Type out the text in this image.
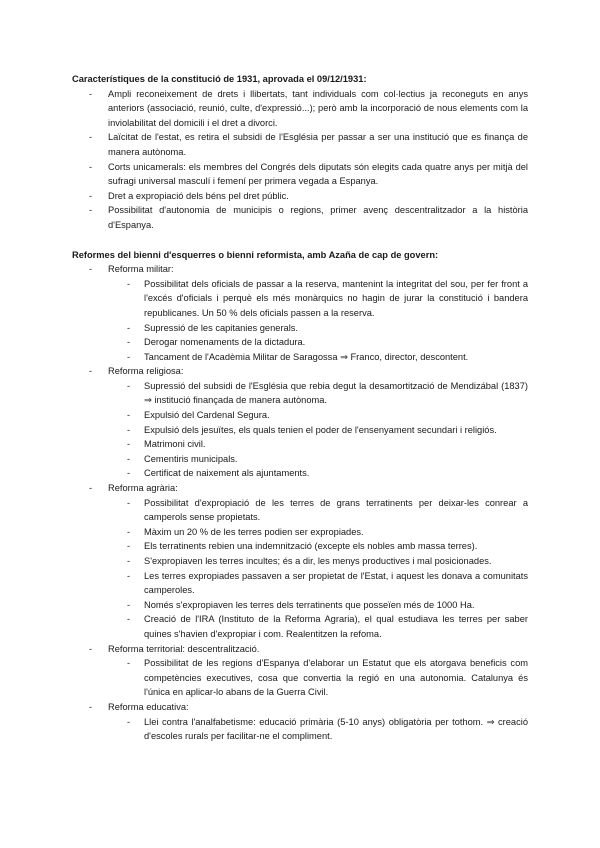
Característiques de la constitució de 1931, aprovada el 09/12/1931:

- Ampli reconeixement de drets i llibertats, tant individuals com col·lectius ja reconeguts en anys anteriors (associació, reunió, culte, d'expressió...); però amb la incorporació de nous elements com la inviolabilitat del domicili i el dret a divorci.
- Laïcitat de l'estat, es retira el subsidi de l'Església per passar a ser una institució que es finança de manera autònoma.
- Corts unicamerals: els membres del Congrés dels diputats són elegits cada quatre anys per mitjà del sufragi universal masculí i femení per primera vegada a Espanya.
- Dret a expropiació dels béns pel dret públic.
- Possibilitat d'autonomia de municipis o regions, primer avenç descentralitzador a la història d'Espanya.

Reformes del bienni d'esquerres o bienni reformista, amb Azaña de cap de govern:

- Reforma militar:
- Possibilitat dels oficials de passar a la reserva, mantenint la integritat del sou, per fer front a l'excés d'oficials i perquè els més monàrquics no hagin de jurar la constitució i bandera republicanes. Un 50 % dels oficials passen a la reserva.
- Supressió de les capitanies generals.
- Derogar nomenaments de la dictadura.
- Tancament de l'Acadèmia Militar de Saragossa ⇒ Franco, director, descontent.
- Reforma religiosa:
- Supressió del subsidi de l'Església que rebia degut la desamortització de Mendizábal (1837) ⇒ institució finançada de manera autònoma.
- Expulsió del Cardenal Segura.
- Expulsió dels jesuïtes, els quals tenien el poder de l'ensenyament secundari i religiós.
- Matrimoni civil.
- Cementiris municipals.
- Certificat de naixement als ajuntaments.
- Reforma agrària:
- Possibilitat d'expropiació de les terres de grans terratinents per deixar-les conrear a camperols sense propietats.
- Màxim un 20 % de les terres podien ser expropiades.
- Els terratinents rebien una indemnització (excepte els nobles amb massa terres).
- S'expropiaven les terres incultes; és a dir, les menys productives i mal posicionades.
- Les terres expropiades passaven a ser propietat de l'Estat, i aquest les donava a comunitats camperoles.
- Només s'expropiaven les terres dels terratinents que posseïen més de 1000 Ha.
- Creació de l'IRA (Instituto de la Reforma Agraria), el qual estudiava les terres per saber quines s'havien d'expropiar i com. Realentitzen la refoma.
- Reforma territorial: descentralització.
- Possibilitat de les regions d'Espanya d'elaborar un Estatut que els atorgava beneficis com competències executives, cosa que convertia la regió en una autonomia. Catalunya és l'única en aplicar-lo abans de la Guerra Civil.
- Reforma educativa:
- Llei contra l'analfabetisme: educació primària (5-10 anys) obligatòria per tothom. ⇒ creació d'escoles rurals per facilitar-ne el compliment.
